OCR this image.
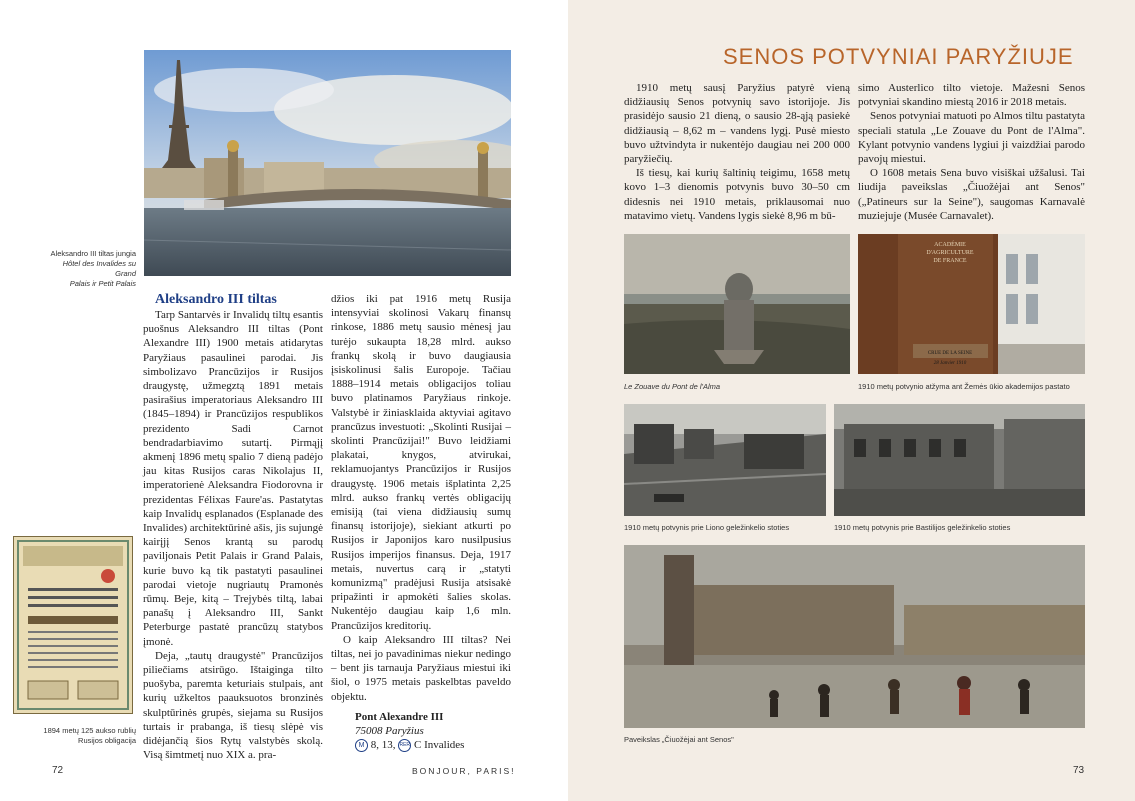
Aleksandro III tiltas jungia
Hôtel des Invalides su Grand
Palais ir Petit Palais
1894 metų 125 aukso rublių
Rusijos obligacija

Aleksandro III tiltas

Tarp Santarvės ir Invalidų tiltų esantis puošnus Aleksandro III tiltas (Pont Alexandre III) 1900 metais atidarytas Paryžiaus pasaulinei parodai. Jis simbolizavo Prancūzijos ir Rusijos draugystę, užmegztą 1891 metais pasirašius imperatoriaus Aleksandro III (1845–1894) ir Prancūzijos respublikos prezidento Sadi Carnot bendradarbiavimo sutartį. Pirmąjį akmenį 1896 metų spalio 7 dieną padėjo jau kitas Rusijos caras Nikolajus II, imperatorienė Aleksandra Fiodorovna ir prezidentas Félixas Faure'as. Pastatytas kaip Invalidų esplanados (Esplanade des Invalides) architektūrinė ašis, jis sujungė kairįjį Senos krantą su parodų paviljonais Petit Palais ir Grand Palais, kurie buvo ką tik pastatyti pasaulinei parodai vietoje nugriautų Pramonės rūmų. Beje, kitą – Trejybės tiltą, labai panašų į Aleksandro III, Sankt Peterburge pastatė prancūzų statybos įmonė.

Deja, „tautų draugystė" Prancūzijos piliečiams atsirūgo. Ištaiginga tilto puošyba, paremta keturiais stulpais, ant kurių užkeltos paauksuotos bronzinės skulptūrinės grupės, siejama su Rusijos turtais ir prabanga, iš tiesų slėpė vis didėjančią šios Rytų valstybės skolą. Visą šimtmetį nuo XIX a. pra-

džios iki pat 1916 metų Rusija intensyviai skolinosi Vakarų finansų rinkose, 1886 metų sausio mėnesį jau turėjo sukaupta 18,28 mlrd. aukso frankų skolą ir buvo daugiausia įsiskolinusi šalis Europoje. Tačiau 1888–1914 metais obligacijos toliau buvo platinamos Paryžiaus rinkoje. Valstybė ir žiniasklaida aktyviai agitavo prancūzus investuoti: „Skolinti Rusijai – skolinti Prancūzijai!" Buvo leidžiami plakatai, knygos, atvirukai, reklamuojantys Prancūzijos ir Rusijos draugystę. 1906 metais išplatinta 2,25 mlrd. aukso frankų vertės obligacijų emisiją (tai viena didžiausių sumų finansų istorijoje), siekiant atkurti po Rusijos ir Japonijos karo nusilpusius Rusijos imperijos finansus. Deja, 1917 metais, nuvertus carą ir „statyti komunizmą" pradėjusi Rusija atsisakė pripažinti ir apmokėti šalies skolas. Nukentėjo daugiau kaip 1,6 mln. Prancūzijos kreditorių.

O kaip Aleksandro III tiltas? Nei tiltas, nei jo pavadinimas niekur nedingo – bent jis tarnauja Paryžiaus miestui iki šiol, o 1975 metais paskelbtas paveldo objektu.

Pont Alexandre III
75008 Paryžius
M 8, 13, RER C Invalides
72	BONJOUR, PARIS!
SENOS POTVYNIAI PARYŽIUJE

1910 metų sausį Paryžius patyrė vieną didžiausių Senos potvynių savo istorijoje. Jis prasidėjo sausio 21 dieną, o sausio 28-ąją pasiekė didžiausią – 8,62 m – vandens lygį. Pusė miesto buvo užtvindyta ir nukentėjo daugiau nei 200 000 paryžiečių.

Iš tiesų, kai kurių šaltinių teigimu, 1658 metų kovo 1–3 dienomis potvynis buvo 30–50 cm didesnis nei 1910 metais, priklausomai nuo matavimo vietų. Vandens lygis siekė 8,96 m bū-

simo Austerlico tilto vietoje. Mažesni Senos potvyniai skandino miestą 2016 ir 2018 metais.

Senos potvyniai matuoti po Almos tiltu pastatyta speciali statula „Le Zouave du Pont de l'Alma". Kylant potvynio vandens lygiui ji vaizdžiai parodo pavojų miestui.

O 1608 metais Sena buvo visiškai užšalusi. Tai liudija paveikslas „Čiuožėjai ant Senos" („Patineurs sur la Seine"), saugomas Karnavalė muziejuje (Musée Carnavalet).

Le Zouave du Pont de l'Alma
ACADÉMIE
D'AGRICULTURE
DE FRANCE
CRUE DE LA SEINE
28 Janvier 1910
1910 metų potvynio atžyma ant Žemės ūkio akademijos pastato
1910 metų potvynis prie Liono geležinkelio stoties	1910 metų potvynis prie Bastilijos geležinkelio stoties
Paveikslas „Čiuožėjai ant Senos"
73
